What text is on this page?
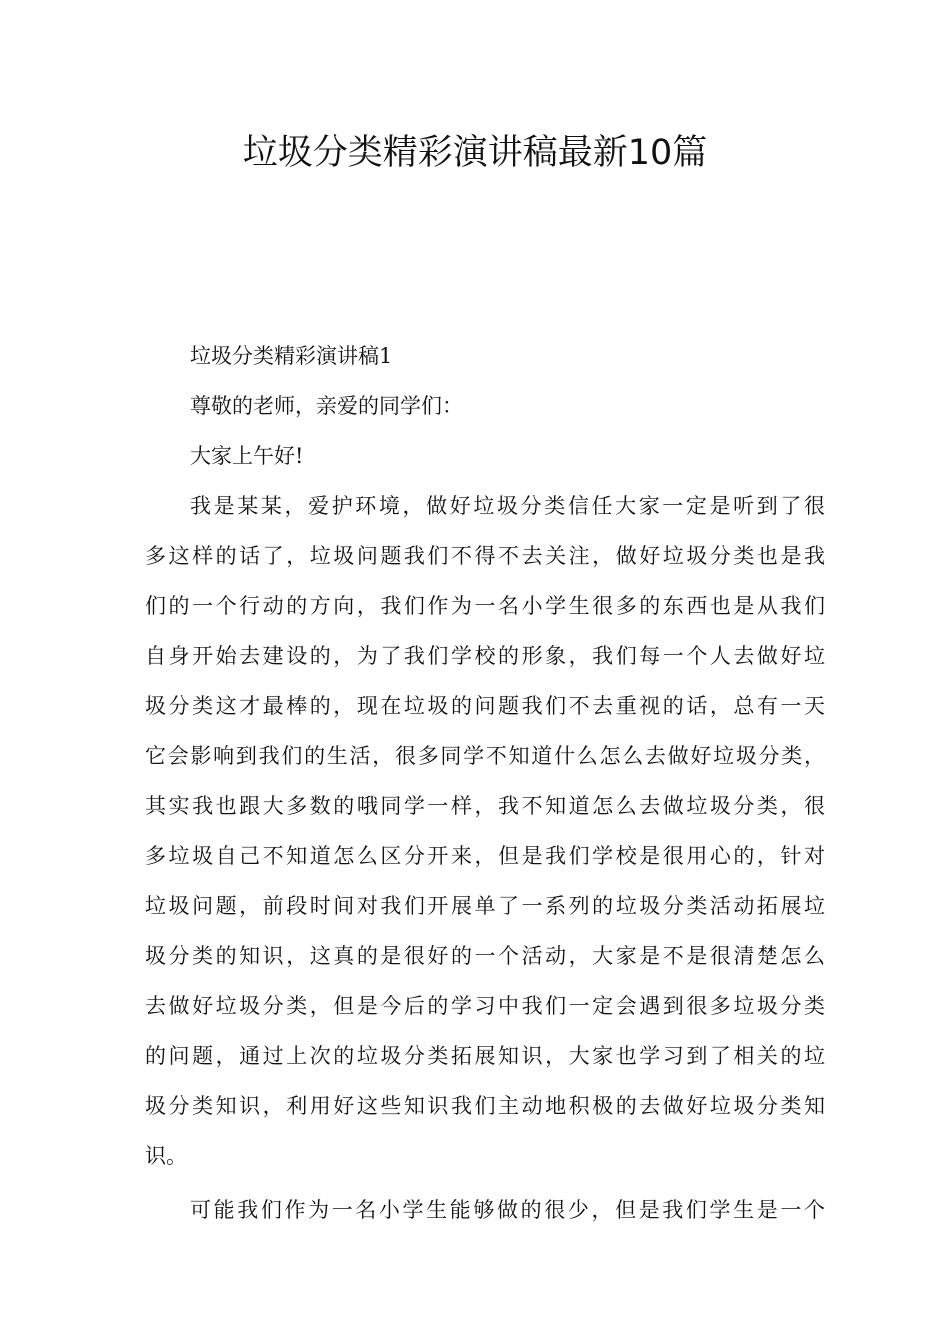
垃圾分类精彩演讲稿最新10篇

垃圾分类精彩演讲稿1

尊敬的老师，亲爱的同学们：

大家上午好!

我是某某，爱护环境，做好垃圾分类信任大家一定是听到了很

多这样的话了，垃圾问题我们不得不去关注，做好垃圾分类也是我

们的一个行动的方向，我们作为一名小学生很多的东西也是从我们

自身开始去建设的，为了我们学校的形象，我们每一个人去做好垃

圾分类这才最棒的，现在垃圾的问题我们不去重视的话，总有一天

它会影响到我们的生活，很多同学不知道什么怎么去做好垃圾分类，

其实我也跟大多数的哦同学一样，我不知道怎么去做垃圾分类，很

多垃圾自己不知道怎么区分开来，但是我们学校是很用心的，针对

垃圾问题，前段时间对我们开展单了一系列的垃圾分类活动拓展垃

圾分类的知识，这真的是很好的一个活动，大家是不是很清楚怎么

去做好垃圾分类，但是今后的学习中我们一定会遇到很多垃圾分类

的问题，通过上次的垃圾分类拓展知识，大家也学习到了相关的垃

圾分类知识，利用好这些知识我们主动地积极的去做好垃圾分类知

识。

可能我们作为一名小学生能够做的很少，但是我们学生是一个
